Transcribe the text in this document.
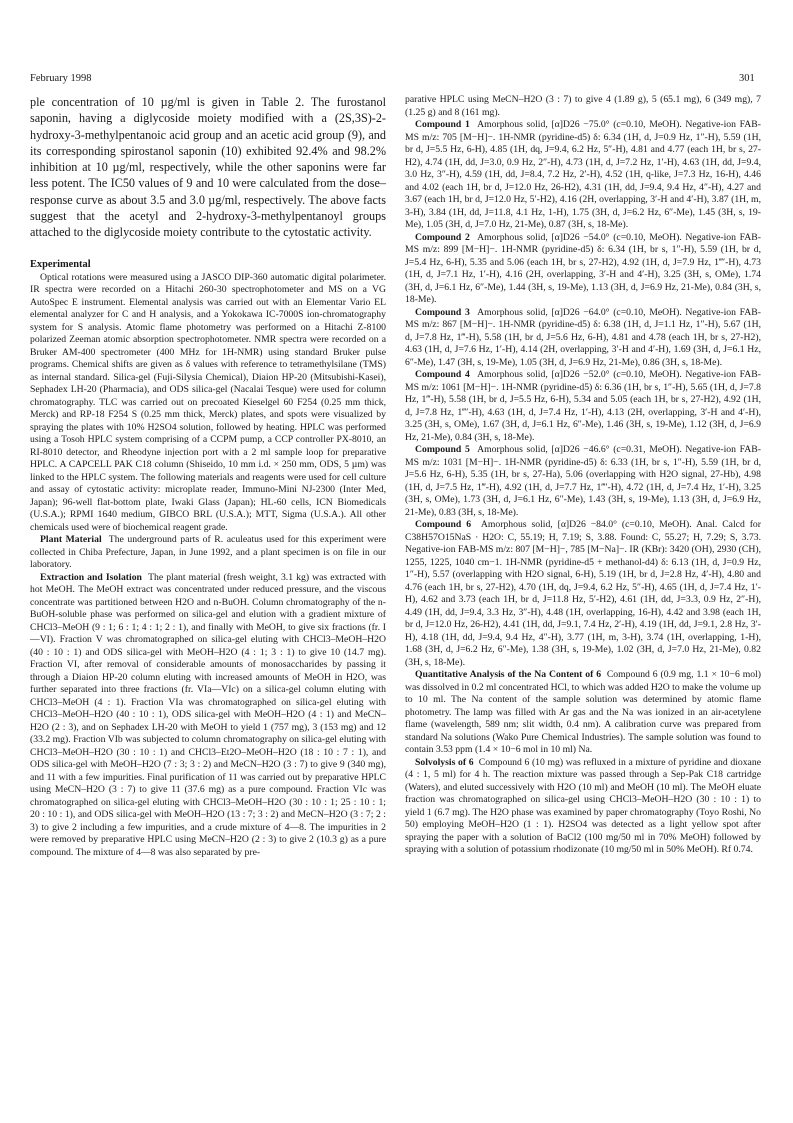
February 1998	301

ple concentration of 10 µg/ml is given in Table 2. The furostanol saponin, having a diglycoside moiety modified with a (2S,3S)-2-hydroxy-3-methylpentanoic acid group and an acetic acid group (9), and its corresponding spirostanol saponin (10) exhibited 92.4% and 98.2% inhibition at 10 µg/ml, respectively, while the other saponins were far less potent. The IC50 values of 9 and 10 were calculated from the dose–response curve as about 3.5 and 3.0 µg/ml, respectively. The above facts suggest that the acetyl and 2-hydroxy-3-methylpentanoyl groups attached to the diglycoside moiety contribute to the cytostatic activity.

Experimental

Optical rotations were measured using a JASCO DIP-360 automatic digital polarimeter. IR spectra were recorded on a Hitachi 260-30 spectrophotometer and MS on a VG AutoSpec E instrument. Elemental analysis was carried out with an Elementar Vario EL elemental analyzer for C and H analysis, and a Yokokawa IC-7000S ion-chromatography system for S analysis. Atomic flame photometry was performed on a Hitachi Z-8100 polarized Zeeman atomic absorption spectrophotometer. NMR spectra were recorded on a Bruker AM-400 spectrometer (400 MHz for 1H-NMR) using standard Bruker pulse programs. Chemical shifts are given as δ values with reference to tetramethylsilane (TMS) as internal standard. Silica-gel (Fuji-Silysia Chemical), Diaion HP-20 (Mitsubishi-Kasei), Sephadex LH-20 (Pharmacia), and ODS silica-gel (Nacalai Tesque) were used for column chromatography. TLC was carried out on precoated Kieselgel 60 F254 (0.25 mm thick, Merck) and RP-18 F254 S (0.25 mm thick, Merck) plates, and spots were visualized by spraying the plates with 10% H2SO4 solution, followed by heating. HPLC was performed using a Tosoh HPLC system comprising of a CCPM pump, a CCP controller PX-8010, an RI-8010 detector, and Rheodyne injection port with a 2 ml sample loop for preparative HPLC. A CAPCELL PAK C18 column (Shiseido, 10 mm i.d. × 250 mm, ODS, 5 µm) was linked to the HPLC system. The following materials and reagents were used for cell culture and assay of cytostatic activity: microplate reader, Immuno-Mini NJ-2300 (Inter Med, Japan); 96-well flat-bottom plate, Iwaki Glass (Japan); HL-60 cells, ICN Biomedicals (U.S.A.); RPMI 1640 medium, GIBCO BRL (U.S.A.); MTT, Sigma (U.S.A.). All other chemicals used were of biochemical reagent grade.

Plant Material The underground parts of R. aculeatus used for this experiment were collected in Chiba Prefecture, Japan, in June 1992, and a plant specimen is on file in our laboratory.

Extraction and Isolation The plant material (fresh weight, 3.1 kg) was extracted with hot MeOH. The MeOH extract was concentrated under reduced pressure, and the viscous concentrate was partitioned between H2O and n-BuOH. Column chromatography of the n-BuOH-soluble phase was performed on silica-gel and elution with a gradient mixture of CHCl3–MeOH (9 : 1; 6 : 1; 4 : 1; 2 : 1), and finally with MeOH, to give six fractions (fr. I—VI). Fraction V was chromatographed on silica-gel eluting with CHCl3–MeOH–H2O (40 : 10 : 1) and ODS silica-gel with MeOH–H2O (4 : 1; 3 : 1) to give 10 (14.7 mg). Fraction VI, after removal of considerable amounts of monosaccharides by passing it through a Diaion HP-20 column eluting with increased amounts of MeOH in H2O, was further separated into three fractions (fr. VIa—VIc) on a silica-gel column eluting with CHCl3–MeOH (4 : 1). Fraction VIa was chromatographed on silica-gel eluting with CHCl3–MeOH–H2O (40 : 10 : 1), ODS silica-gel with MeOH–H2O (4 : 1) and MeCN–H2O (2 : 3), and on Sephadex LH-20 with MeOH to yield 1 (757 mg), 3 (153 mg) and 12 (33.2 mg). Fraction VIb was subjected to column chromatography on silica-gel eluting with CHCl3–MeOH–H2O (30 : 10 : 1) and CHCl3–Et2O–MeOH–H2O (18 : 10 : 7 : 1), and ODS silica-gel with MeOH–H2O (7 : 3; 3 : 2) and MeCN–H2O (3 : 7) to give 9 (340 mg), and 11 with a few impurities. Final purification of 11 was carried out by preparative HPLC using MeCN–H2O (3 : 7) to give 11 (37.6 mg) as a pure compound. Fraction VIc was chromatographed on silica-gel eluting with CHCl3–MeOH–H2O (30 : 10 : 1; 25 : 10 : 1; 20 : 10 : 1), and ODS silica-gel with MeOH–H2O (13 : 7; 3 : 2) and MeCN–H2O (3 : 7; 2 : 3) to give 2 including a few impurities, and a crude mixture of 4—8. The impurities in 2 were removed by preparative HPLC using MeCN–H2O (2 : 3) to give 2 (10.3 g) as a pure compound. The mixture of 4—8 was also separated by pre-

parative HPLC using MeCN–H2O (3 : 7) to give 4 (1.89 g), 5 (65.1 mg), 6 (349 mg), 7 (1.25 g) and 8 (161 mg).

Compound 1 Amorphous solid, [α]D26 −75.0° (c=0.10, MeOH). Negative-ion FAB-MS m/z: 705 [M−H]−. 1H-NMR (pyridine-d5) δ: 6.34 (1H, d, J=0.9 Hz, 1″-H), 5.59 (1H, br d, J=5.5 Hz, 6-H), 4.85 (1H, dq, J=9.4, 6.2 Hz, 5″-H), 4.81 and 4.77 (each 1H, br s, 27-H2), 4.74 (1H, dd, J=3.0, 0.9 Hz, 2″-H), 4.73 (1H, d, J=7.2 Hz, 1′-H), 4.63 (1H, dd, J=9.4, 3.0 Hz, 3″-H), 4.59 (1H, dd, J=8.4, 7.2 Hz, 2′-H), 4.52 (1H, q-like, J=7.3 Hz, 16-H), 4.46 and 4.02 (each 1H, br d, J=12.0 Hz, 26-H2), 4.31 (1H, dd, J=9.4, 9.4 Hz, 4″-H), 4.27 and 3.67 (each 1H, br d, J=12.0 Hz, 5′-H2), 4.16 (2H, overlapping, 3′-H and 4′-H), 3.87 (1H, m, 3-H), 3.84 (1H, dd, J=11.8, 4.1 Hz, 1-H), 1.75 (3H, d, J=6.2 Hz, 6″-Me), 1.45 (3H, s, 19-Me), 1.05 (3H, d, J=7.0 Hz, 21-Me), 0.87 (3H, s, 18-Me).

Compound 2 Amorphous solid, [α]D26 −54.0° (c=0.10, MeOH). Negative-ion FAB-MS m/z: 899 [M−H]−. 1H-NMR (pyridine-d5) δ: 6.34 (1H, br s, 1″-H), 5.59 (1H, br d, J=5.4 Hz, 6-H), 5.35 and 5.06 (each 1H, br s, 27-H2), 4.92 (1H, d, J=7.9 Hz, 1‴′-H), 4.73 (1H, d, J=7.1 Hz, 1′-H), 4.16 (2H, overlapping, 3′-H and 4′-H), 3.25 (3H, s, OMe), 1.74 (3H, d, J=6.1 Hz, 6″-Me), 1.44 (3H, s, 19-Me), 1.13 (3H, d, J=6.9 Hz, 21-Me), 0.84 (3H, s, 18-Me).

Compound 3 Amorphous solid, [α]D26 −64.0° (c=0.10, MeOH). Negative-ion FAB-MS m/z: 867 [M−H]−. 1H-NMR (pyridine-d5) δ: 6.38 (1H, d, J=1.1 Hz, 1″-H), 5.67 (1H, d, J=7.8 Hz, 1‴-H), 5.58 (1H, br d, J=5.6 Hz, 6-H), 4.81 and 4.78 (each 1H, br s, 27-H2), 4.63 (1H, d, J=7.6 Hz, 1′-H), 4.14 (2H, overlapping, 3′-H and 4′-H), 1.69 (3H, d, J=6.1 Hz, 6″-Me), 1.47 (3H, s, 19-Me), 1.05 (3H, d, J=6.9 Hz, 21-Me), 0.86 (3H, s, 18-Me).

Compound 4 Amorphous solid, [α]D26 −52.0° (c=0.10, MeOH). Negative-ion FAB-MS m/z: 1061 [M−H]−. 1H-NMR (pyridine-d5) δ: 6.36 (1H, br s, 1″-H), 5.65 (1H, d, J=7.8 Hz, 1‴-H), 5.58 (1H, br d, J=5.5 Hz, 6-H), 5.34 and 5.05 (each 1H, br s, 27-H2), 4.92 (1H, d, J=7.8 Hz, 1‴′-H), 4.63 (1H, d, J=7.4 Hz, 1′-H), 4.13 (2H, overlapping, 3′-H and 4′-H), 3.25 (3H, s, OMe), 1.67 (3H, d, J=6.1 Hz, 6″-Me), 1.46 (3H, s, 19-Me), 1.12 (3H, d, J=6.9 Hz, 21-Me), 0.84 (3H, s, 18-Me).

Compound 5 Amorphous solid, [α]D26 −46.6° (c=0.31, MeOH). Negative-ion FAB-MS m/z: 1031 [M−H]−. 1H-NMR (pyridine-d5) δ: 6.33 (1H, br s, 1″-H), 5.59 (1H, br d, J=5.6 Hz, 6-H), 5.35 (1H, br s, 27-Ha), 5.06 (overlapping with H2O signal, 27-Hb), 4.98 (1H, d, J=7.5 Hz, 1‴-H), 4.92 (1H, d, J=7.7 Hz, 1‴′-H), 4.72 (1H, d, J=7.4 Hz, 1′-H), 3.25 (3H, s, OMe), 1.73 (3H, d, J=6.1 Hz, 6″-Me), 1.43 (3H, s, 19-Me), 1.13 (3H, d, J=6.9 Hz, 21-Me), 0.83 (3H, s, 18-Me).

Compound 6 Amorphous solid, [α]D26 −84.0° (c=0.10, MeOH). Anal. Calcd for C38H57O15NaS · H2O: C, 55.19; H, 7.19; S, 3.88. Found: C, 55.27; H, 7.29; S, 3.73. Negative-ion FAB-MS m/z: 807 [M−H]−, 785 [M−Na]−. IR (KBr): 3420 (OH), 2930 (CH), 1255, 1225, 1040 cm−1. 1H-NMR (pyridine-d5 + methanol-d4) δ: 6.13 (1H, d, J=0.9 Hz, 1″-H), 5.57 (overlapping with H2O signal, 6-H), 5.19 (1H, br d, J=2.8 Hz, 4′-H), 4.80 and 4.76 (each 1H, br s, 27-H2), 4.70 (1H, dq, J=9.4, 6.2 Hz, 5″-H), 4.65 (1H, d, J=7.4 Hz, 1′-H), 4.62 and 3.73 (each 1H, br d, J=11.8 Hz, 5′-H2), 4.61 (1H, dd, J=3.3, 0.9 Hz, 2″-H), 4.49 (1H, dd, J=9.4, 3.3 Hz, 3″-H), 4.48 (1H, overlapping, 16-H), 4.42 and 3.98 (each 1H, br d, J=12.0 Hz, 26-H2), 4.41 (1H, dd, J=9.1, 7.4 Hz, 2′-H), 4.19 (1H, dd, J=9.1, 2.8 Hz, 3′-H), 4.18 (1H, dd, J=9.4, 9.4 Hz, 4″-H), 3.77 (1H, m, 3-H), 3.74 (1H, overlapping, 1-H), 1.68 (3H, d, J=6.2 Hz, 6″-Me), 1.38 (3H, s, 19-Me), 1.02 (3H, d, J=7.0 Hz, 21-Me), 0.82 (3H, s, 18-Me).

Quantitative Analysis of the Na Content of 6 Compound 6 (0.9 mg, 1.1 × 10−6 mol) was dissolved in 0.2 ml concentrated HCl, to which was added H2O to make the volume up to 10 ml. The Na content of the sample solution was determined by atomic flame photometry. The lamp was filled with Ar gas and the Na was ionized in an air-acetylene flame (wavelength, 589 nm; slit width, 0.4 nm). A calibration curve was prepared from standard Na solutions (Wako Pure Chemical Industries). The sample solution was found to contain 3.53 ppm (1.4 × 10−6 mol in 10 ml) Na.

Solvolysis of 6 Compound 6 (10 mg) was refluxed in a mixture of pyridine and dioxane (4 : 1, 5 ml) for 4 h. The reaction mixture was passed through a Sep-Pak C18 cartridge (Waters), and eluted successively with H2O (10 ml) and MeOH (10 ml). The MeOH eluate fraction was chromatographed on silica-gel using CHCl3–MeOH–H2O (30 : 10 : 1) to yield 1 (6.7 mg). The H2O phase was examined by paper chromatography (Toyo Roshi, No 50) employing MeOH–H2O (1 : 1). H2SO4 was detected as a light yellow spot after spraying the paper with a solution of BaCl2 (100 mg/50 ml in 70% MeOH) followed by spraying with a solution of potassium rhodizonate (10 mg/50 ml in 50% MeOH). Rf 0.74.
